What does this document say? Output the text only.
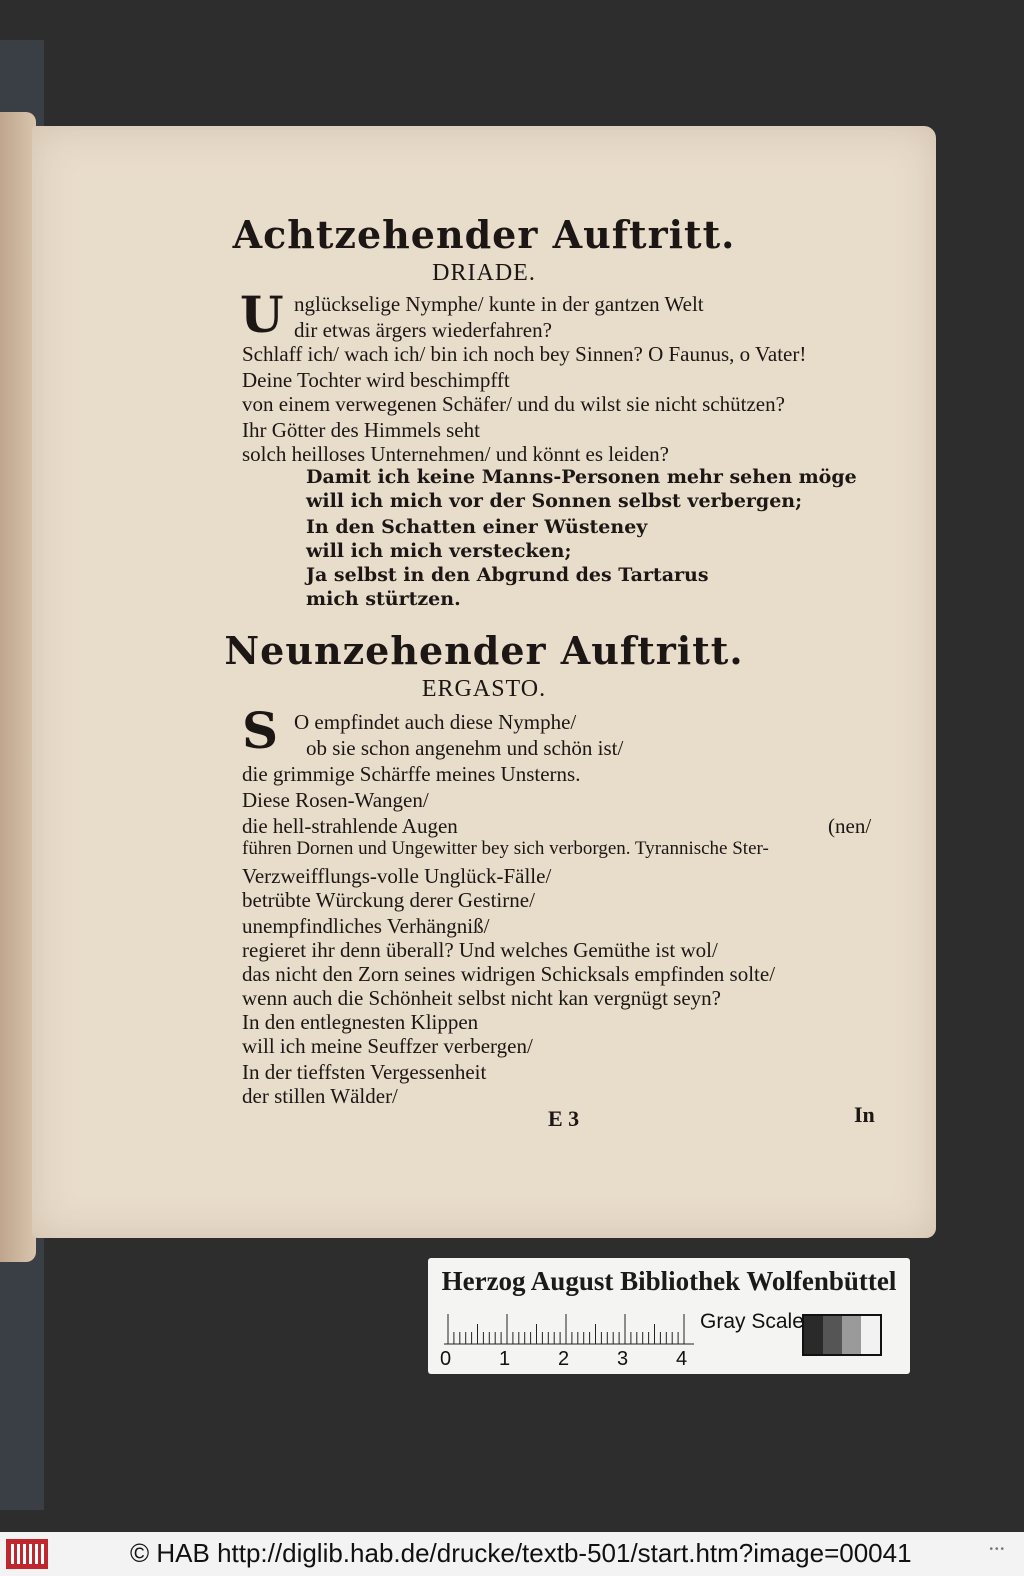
Achtzehender Auftritt.
DRIADE.
U nglückselige Nymphe/ kunte in der gantzen Welt
dir etwas ärgers wiederfahren?
Schlaff ich/ wach ich/ bin ich noch bey Sinnen? O Faunus, o Vater!
Deine Tochter wird beschimpfft
von einem verwegenen Schäfer/ und du wilst sie nicht schützen?
Ihr Götter des Himmels seht
solch heilloses Unternehmen/ und könnt es leiden?
Damit ich keine Manns-Personen mehr sehen möge
will ich mich vor der Sonnen selbst verbergen;
In den Schatten einer Wüsteney
will ich mich verstecken;
Ja selbst in den Abgrund des Tartarus
mich stürtzen.
Neunzehender Auftritt.
ERGASTO.
S O empfindet auch diese Nymphe/
ob sie schon angenehm und schön ist/
die grimmige Schärffe meines Unsterns.
Diese Rosen-Wangen/
die hell-strahlende Augen	(nen/
führen Dornen und Ungewitter bey sich verborgen. Tyrannische Ster-
Verzweifflungs-volle Unglück-Fälle/
betrübte Würckung derer Gestirne/
unempfindliches Verhängniß/
regieret ihr denn überall? Und welches Gemüthe ist wol/
das nicht den Zorn seines widrigen Schicksals empfinden solte/
wenn auch die Schönheit selbst nicht kan vergnügt seyn?
In den entlegnesten Klippen
will ich meine Seuffzer verbergen/
In der tieffsten Vergessenheit
der stillen Wälder/
E 3	In
Herzog August Bibliothek Wolfenbüttel
0 1 2 3 4
Gray Scale
© HAB http://diglib.hab.de/drucke/textb-501/start.htm?image=00041	•••
